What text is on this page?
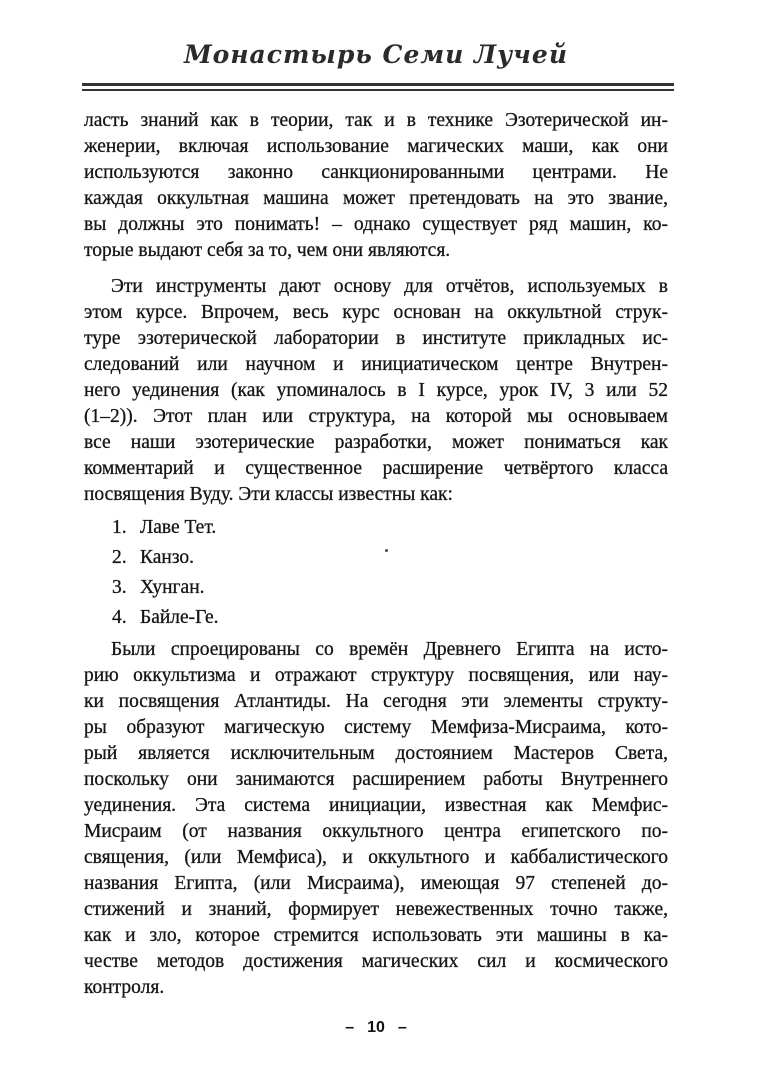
Монастырь Семи Лучей
ласть знаний как в теории, так и в технике Эзотерической ин-
женерии, включая использование магических маши, как они
используются законно санкционированными центрами. Не
каждая оккультная машина может претендовать на это звание,
вы должны это понимать! – однако существует ряд машин, ко-
торые выдают себя за то, чем они являются.
Эти инструменты дают основу для отчётов, используемых в
этом курсе. Впрочем, весь курс основан на оккультной струк-
туре эзотерической лаборатории в институте прикладных ис-
следований или научном и инициатическом центре Внутрен-
него уединения (как упоминалось в I курсе, урок IV, 3 или 52
(1–2)). Этот план или структура, на которой мы основываем
все наши эзотерические разработки, может пониматься как
комментарий и существенное расширение четвёртого класса
посвящения Вуду. Эти классы известны как:
1. Лаве Тет.
2. Канзо.
3. Хунган.
4. Байле-Ге.
Были спроецированы со времён Древнего Египта на исто-
рию оккультизма и отражают структуру посвящения, или нау-
ки посвящения Атлантиды. На сегодня эти элементы структу-
ры образуют магическую систему Мемфиза-Мисраима, кото-
рый является исключительным достоянием Мастеров Света,
поскольку они занимаются расширением работы Внутреннего
уединения. Эта система инициации, известная как Мемфис-
Мисраим (от названия оккультного центра египетского по-
священия, (или Мемфиса), и оккультного и каббалистического
названия Египта, (или Мисраима), имеющая 97 степеней до-
стижений и знаний, формирует невежественных точно также,
как и зло, которое стремится использовать эти машины в ка-
честве методов достижения магических сил и космического
контроля.
– 10 –
